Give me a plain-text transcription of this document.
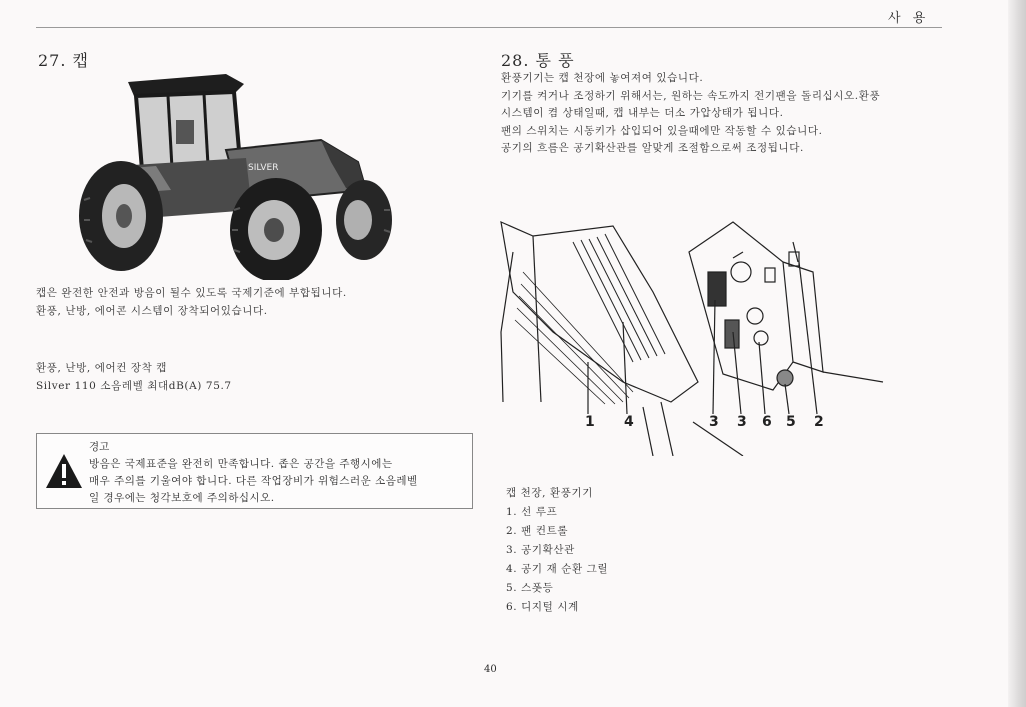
사 용
27. 캡
SILVER
캡은 완전한 안전과 방음이 될수 있도록 국제기준에 부합됩니다.
환풍, 난방, 에어콘 시스템이 장착되어있습니다.
환풍, 난방, 에어컨 장착 캡
Silver 110 소음레벨 최대dB(A) 75.7
경고
방음은 국제표준을 완전히 만족합니다. 좁은 공간을 주행시에는
매우 주의를 기울여야 합니다. 다른 작업장비가 위험스러운 소음레벨
일 경우에는 청각보호에 주의하십시오.
28. 통 풍
환풍기기는 캡 천장에 놓여져여 있습니다.
기기를 켜거나 조정하기 위해서는, 원하는 속도까지 전기팬을 돌리십시오.환풍
시스템이 켬 상태일때, 캡 내부는 더소 가압상태가 됩니다.
팬의 스위치는 시동키가 삽입되어 있을때에만 작동할 수 있습니다.
공기의 흐름은 공기확산관를 알맞게 조절함으로써 조정됩니다.
1 4	3 3 6 5 2
캡 천장, 환풍기기
1. 선 루프
2. 팬 컨트롤
3. 공기확산관
4. 공기 재 순환 그릴
5. 스폿등
6. 디지털 시계
40
